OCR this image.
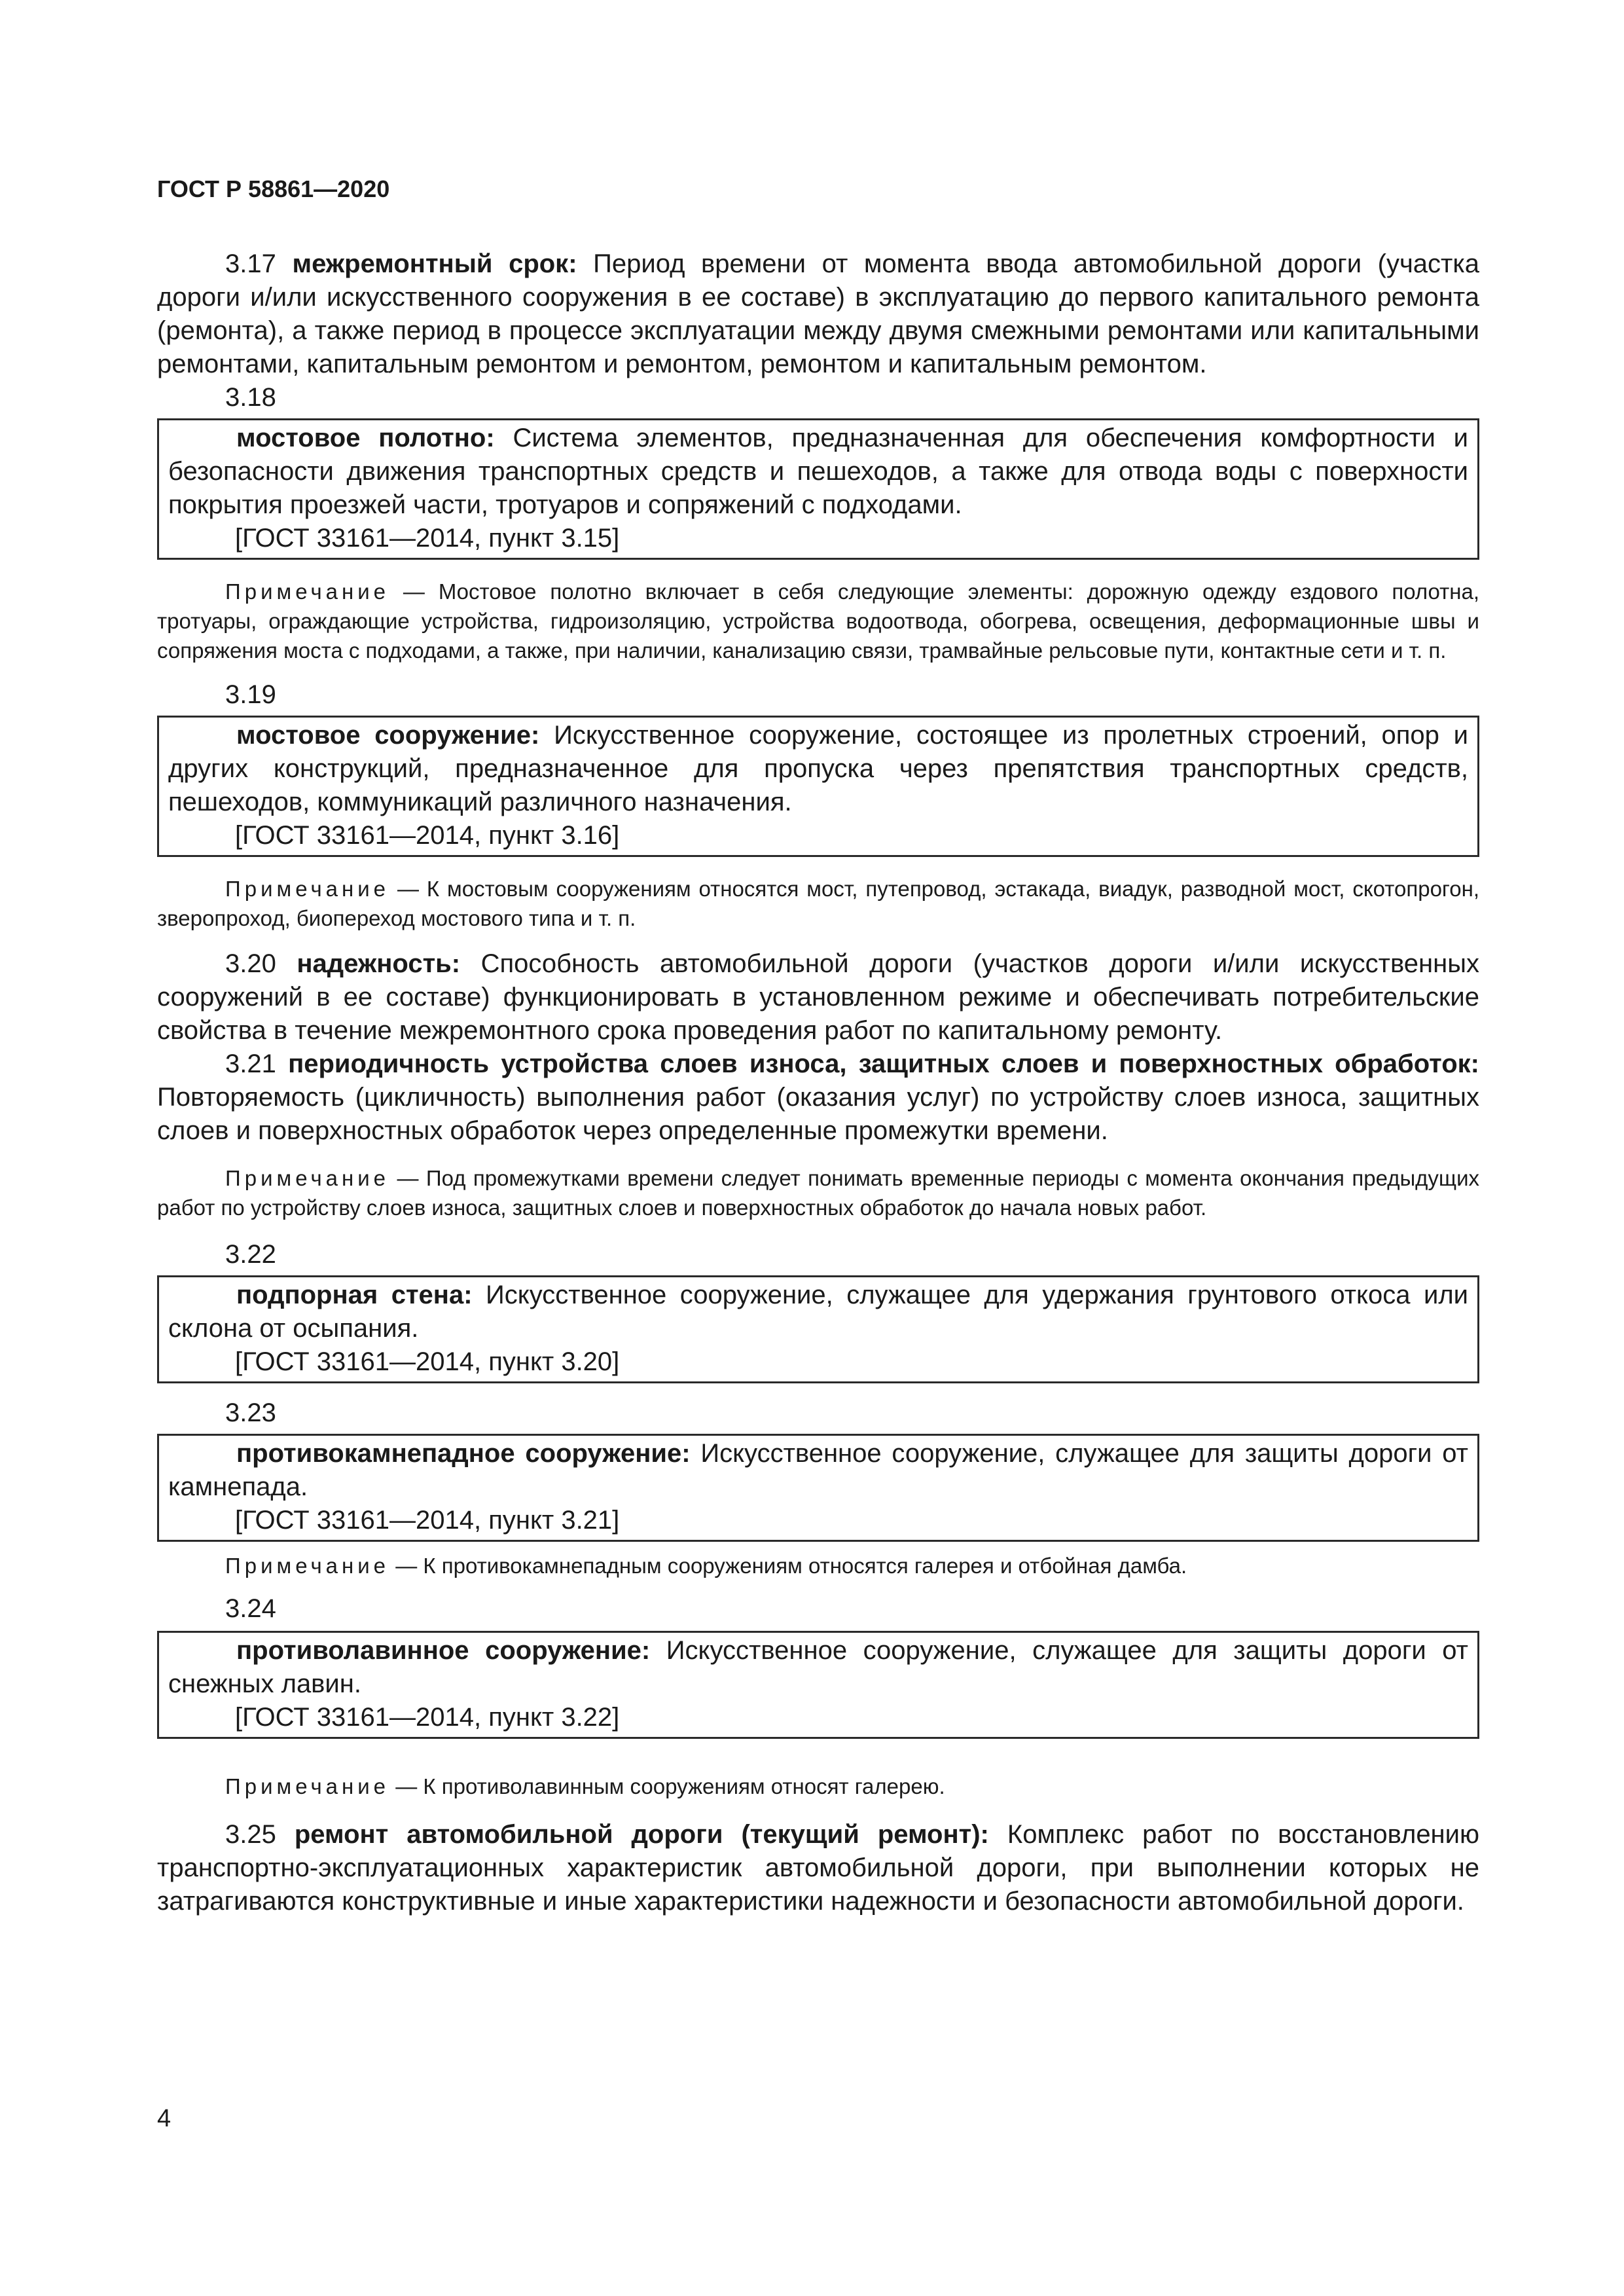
ГОСТ Р 58861—2020

3.17 межремонтный срок: Период времени от момента ввода автомобильной дороги (участка дороги и/или искусственного сооружения в ее составе) в эксплуатацию до первого капитального ремонта (ремонта), а также период в процессе эксплуатации между двумя смежными ремонтами или капитальными ремонтами, капитальным ремонтом и ремонтом, ремонтом и капитальным ремонтом.

3.18

мостовое полотно: Система элементов, предназначенная для обеспечения комфортности и безопасности движения транспортных средств и пешеходов, а также для отвода воды с поверхности покрытия проезжей части, тротуаров и сопряжений с подходами.

[ГОСТ 33161—2014, пункт 3.15]

Примечание — Мостовое полотно включает в себя следующие элементы: дорожную одежду ездового полотна, тротуары, ограждающие устройства, гидроизоляцию, устройства водоотвода, обогрева, освещения, деформационные швы и сопряжения моста с подходами, а также, при наличии, канализацию связи, трамвайные рельсовые пути, контактные сети и т. п.

3.19

мостовое сооружение: Искусственное сооружение, состоящее из пролетных строений, опор и других конструкций, предназначенное для пропуска через препятствия транспортных средств, пешеходов, коммуникаций различного назначения.

[ГОСТ 33161—2014, пункт 3.16]

Примечание — К мостовым сооружениям относятся мост, путепровод, эстакада, виадук, разводной мост, скотопрогон, зверопроход, биопереход мостового типа и т. п.

3.20 надежность: Способность автомобильной дороги (участков дороги и/или искусственных сооружений в ее составе) функционировать в установленном режиме и обеспечивать потребительские свойства в течение межремонтного срока проведения работ по капитальному ремонту.

3.21 периодичность устройства слоев износа, защитных слоев и поверхностных обработок: Повторяемость (цикличность) выполнения работ (оказания услуг) по устройству слоев износа, защитных слоев и поверхностных обработок через определенные промежутки времени.

Примечание — Под промежутками времени следует понимать временные периоды с момента окончания предыдущих работ по устройству слоев износа, защитных слоев и поверхностных обработок до начала новых работ.

3.22

подпорная стена: Искусственное сооружение, служащее для удержания грунтового откоса или склона от осыпания.

[ГОСТ 33161—2014, пункт 3.20]
3.23

противокамнепадное сооружение: Искусственное сооружение, служащее для защиты дороги от камнепада.

[ГОСТ 33161—2014, пункт 3.21]

Примечание — К противокамнепадным сооружениям относятся галерея и отбойная дамба.

3.24

противолавинное сооружение: Искусственное сооружение, служащее для защиты дороги от снежных лавин.

[ГОСТ 33161—2014, пункт 3.22]

Примечание — К противолавинным сооружениям относят галерею.

3.25 ремонт автомобильной дороги (текущий ремонт): Комплекс работ по восстановлению транспортно-эксплуатационных характеристик автомобильной дороги, при выполнении которых не затрагиваются конструктивные и иные характеристики надежности и безопасности автомобильной дороги.

4
